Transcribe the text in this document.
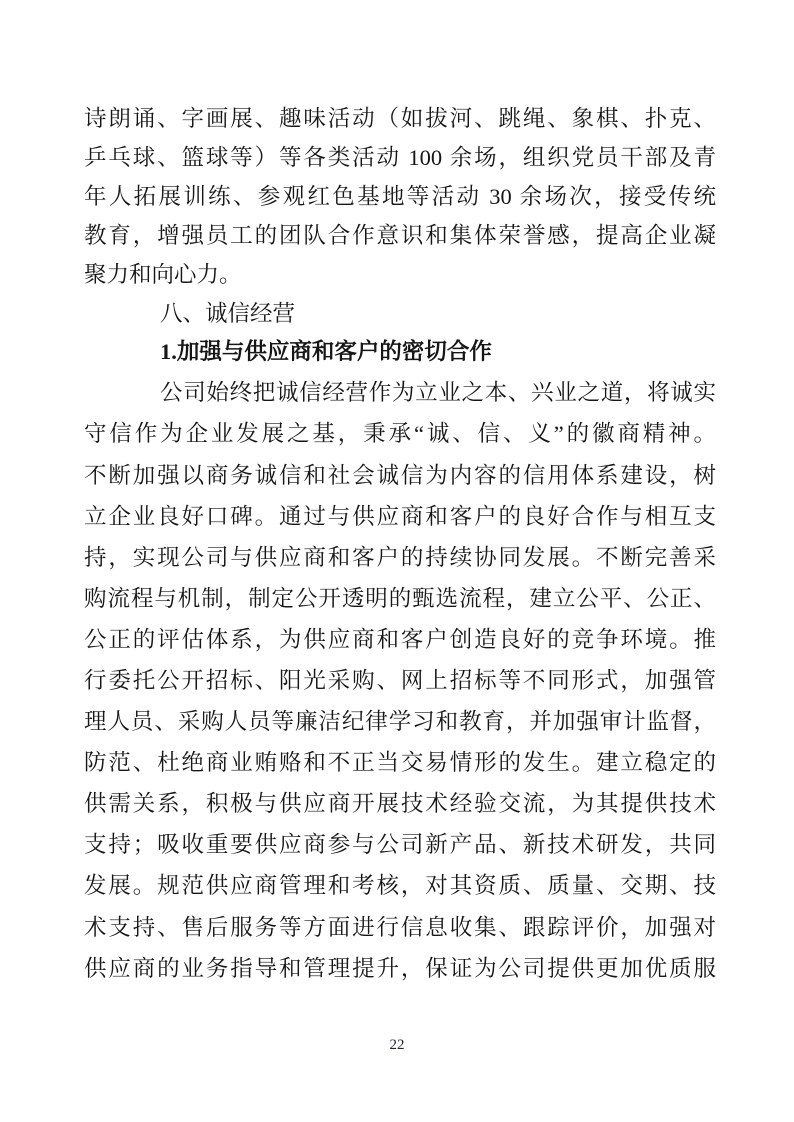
诗朗诵、字画展、趣味活动（如拔河、跳绳、象棋、扑克、
乒乓球、篮球等）等各类活动 100 余场，组织党员干部及青
年人拓展训练、参观红色基地等活动 30 余场次，接受传统
教育，增强员工的团队合作意识和集体荣誉感，提高企业凝
聚力和向心力。
八、诚信经营
1.加强与供应商和客户的密切合作
公司始终把诚信经营作为立业之本、兴业之道，将诚实
守信作为企业发展之基，秉承“诚、信、义”的徽商精神。
不断加强以商务诚信和社会诚信为内容的信用体系建设，树
立企业良好口碑。通过与供应商和客户的良好合作与相互支
持，实现公司与供应商和客户的持续协同发展。不断完善采
购流程与机制，制定公开透明的甄选流程，建立公平、公正、
公正的评估体系，为供应商和客户创造良好的竞争环境。推
行委托公开招标、阳光采购、网上招标等不同形式，加强管
理人员、采购人员等廉洁纪律学习和教育，并加强审计监督，
防范、杜绝商业贿赂和不正当交易情形的发生。建立稳定的
供需关系，积极与供应商开展技术经验交流，为其提供技术
支持；吸收重要供应商参与公司新产品、新技术研发，共同
发展。规范供应商管理和考核，对其资质、质量、交期、技
术支持、售后服务等方面进行信息收集、跟踪评价，加强对
供应商的业务指导和管理提升，保证为公司提供更加优质服
22
